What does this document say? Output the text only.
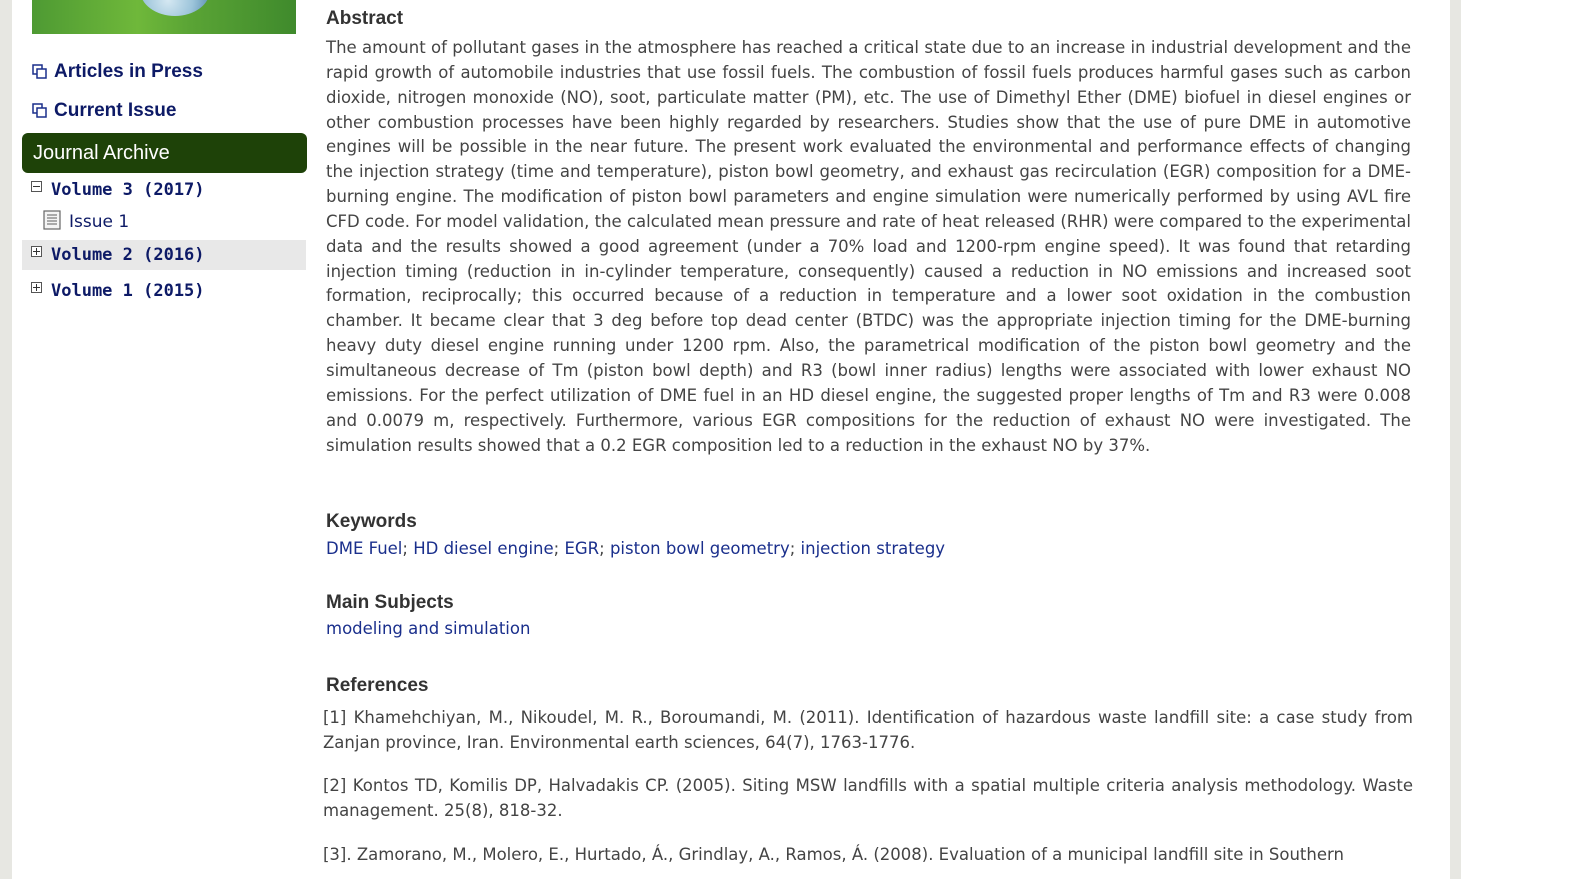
Articles in Press
Current Issue
Journal Archive
Volume 3 (2017)
Issue 1
Volume 2 (2016)
Volume 1 (2015)
Abstract

The amount of pollutant gases in the atmosphere has reached a critical state due to an increase in industrial development and the rapid growth of automobile industries that use fossil fuels. The combustion of fossil fuels produces harmful gases such as carbon dioxide, nitrogen monoxide (NO), soot, particulate matter (PM), etc. The use of Dimethyl Ether (DME) biofuel in diesel engines or other combustion processes have been highly regarded by researchers. Studies show that the use of pure DME in automotive engines will be possible in the near future. The present work evaluated the environmental and performance effects of changing the injection strategy (time and temperature), piston bowl geometry, and exhaust gas recirculation (EGR) composition for a DME-burning engine. The modification of piston bowl parameters and engine simulation were numerically performed by using AVL fire CFD code. For model validation, the calculated mean pressure and rate of heat released (RHR) were compared to the experimental data and the results showed a good agreement (under a 70% load and 1200-rpm engine speed). It was found that retarding injection timing (reduction in in-cylinder temperature, consequently) caused a reduction in NO emissions and increased soot formation, reciprocally; this occurred because of a reduction in temperature and a lower soot oxidation in the combustion chamber. It became clear that 3 deg before top dead center (BTDC) was the appropriate injection timing for the DME-burning heavy duty diesel engine running under 1200 rpm. Also, the parametrical modification of the piston bowl geometry and the simultaneous decrease of Tm (piston bowl depth) and R3 (bowl inner radius) lengths were associated with lower exhaust NO emissions. For the perfect utilization of DME fuel in an HD diesel engine, the suggested proper lengths of Tm and R3 were 0.008 and 0.0079 m, respectively. Furthermore, various EGR compositions for the reduction of exhaust NO were investigated. The simulation results showed that a 0.2 EGR composition led to a reduction in the exhaust NO by 37%.

Keywords
DME Fuel; HD diesel engine; EGR; piston bowl geometry; injection strategy
Main Subjects
modeling and simulation
References

[1] Khamehchiyan, M., Nikoudel, M. R., Boroumandi, M. (2011). Identification of hazardous waste landfill site: a case study from Zanjan province, Iran. Environmental earth sciences, 64(7), 1763-1776.

[2] Kontos TD, Komilis DP, Halvadakis CP. (2005). Siting MSW landfills with a spatial multiple criteria analysis methodology. Waste management. 25(8), 818-32.

[3]. Zamorano, M., Molero, E., Hurtado, Á., Grindlay, A., Ramos, Á. (2008). Evaluation of a municipal landfill site in Southern
